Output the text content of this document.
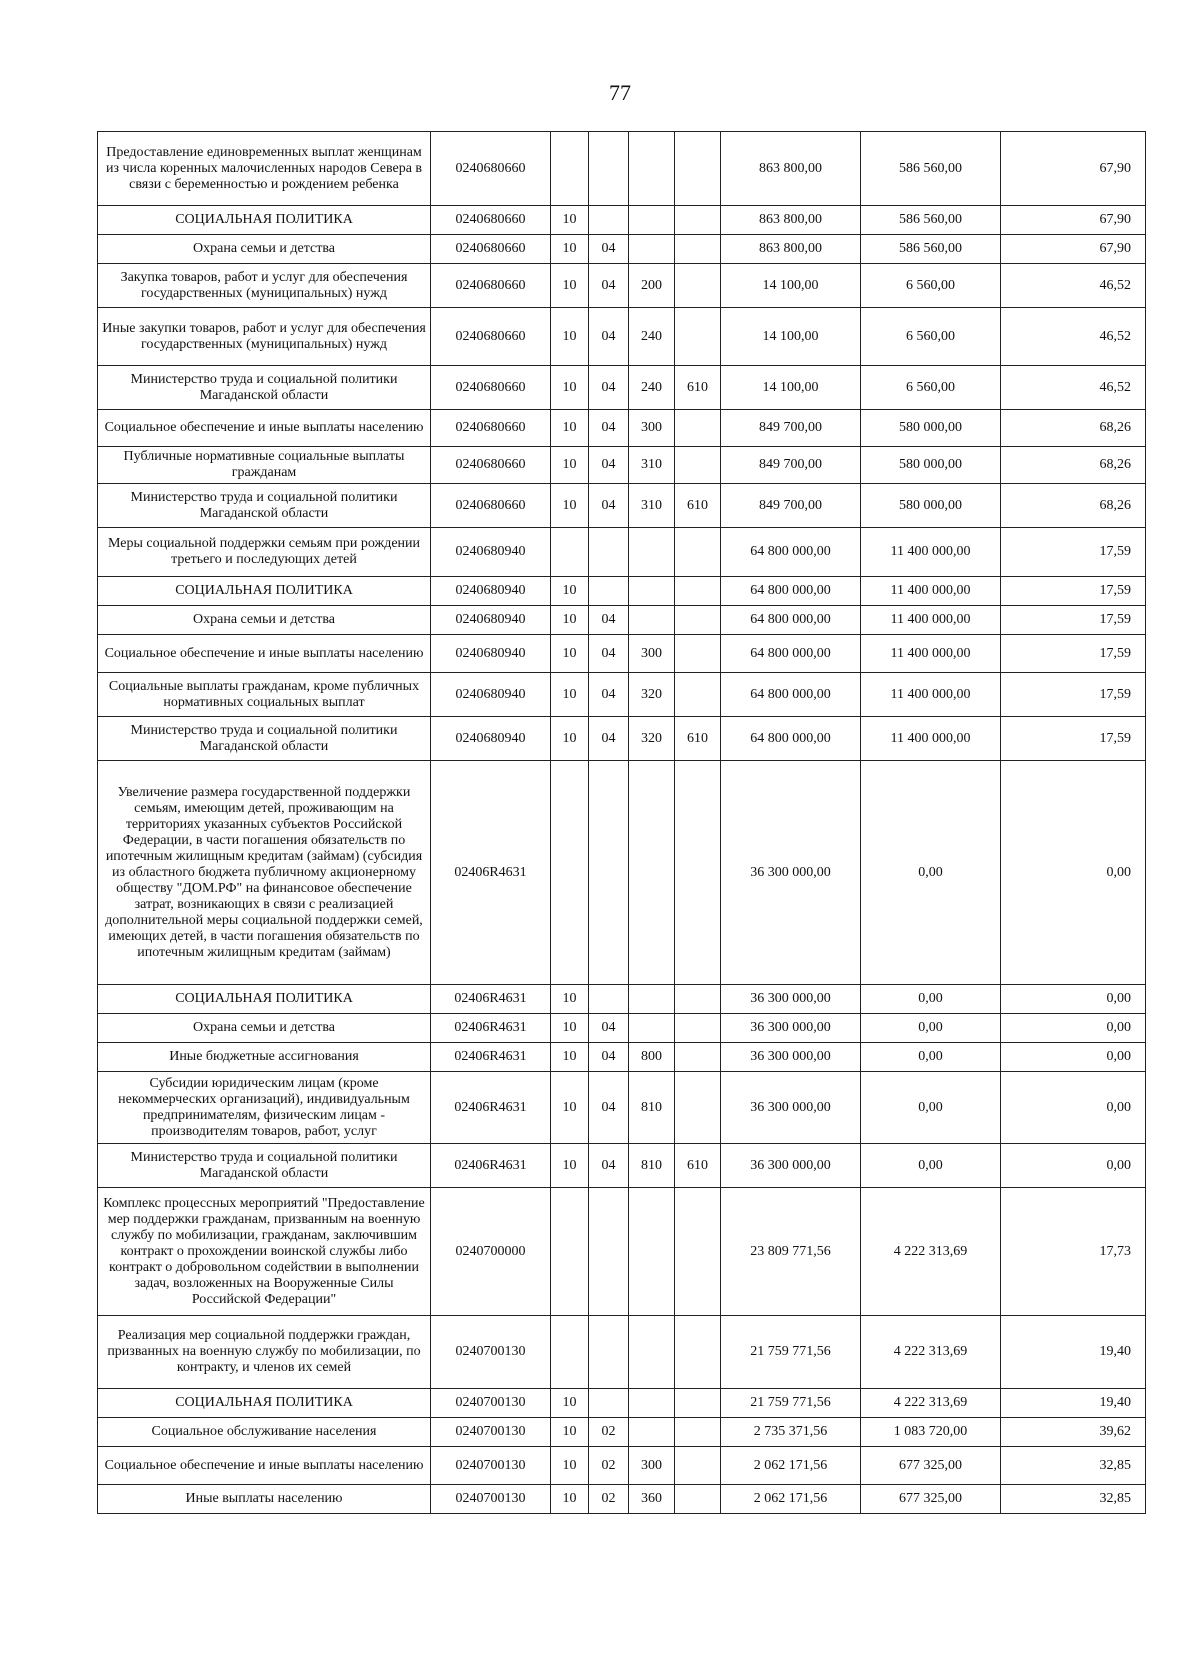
77
Предоставление единовременных выплат женщинам из числа коренных малочисленных народов Севера в связи с беременностью и рождением ребенка	0240680660					863 800,00	586 560,00	67,90
СОЦИАЛЬНАЯ ПОЛИТИКА	0240680660	10				863 800,00	586 560,00	67,90
Охрана семьи и детства	0240680660	10	04			863 800,00	586 560,00	67,90
Закупка товаров, работ и услуг для обеспечения государственных (муниципальных) нужд	0240680660	10	04	200		14 100,00	6 560,00	46,52
Иные закупки товаров, работ и услуг для обеспечения государственных (муниципальных) нужд	0240680660	10	04	240		14 100,00	6 560,00	46,52
Министерство труда и социальной политики Магаданской области	0240680660	10	04	240	610	14 100,00	6 560,00	46,52
Социальное обеспечение и иные выплаты населению	0240680660	10	04	300		849 700,00	580 000,00	68,26
Публичные нормативные социальные выплаты гражданам	0240680660	10	04	310		849 700,00	580 000,00	68,26
Министерство труда и социальной политики Магаданской области	0240680660	10	04	310	610	849 700,00	580 000,00	68,26
Меры социальной поддержки семьям при рождении третьего и последующих детей	0240680940					64 800 000,00	11 400 000,00	17,59
СОЦИАЛЬНАЯ ПОЛИТИКА	0240680940	10				64 800 000,00	11 400 000,00	17,59
Охрана семьи и детства	0240680940	10	04			64 800 000,00	11 400 000,00	17,59
Социальное обеспечение и иные выплаты населению	0240680940	10	04	300		64 800 000,00	11 400 000,00	17,59
Социальные выплаты гражданам, кроме публичных нормативных социальных выплат	0240680940	10	04	320		64 800 000,00	11 400 000,00	17,59
Министерство труда и социальной политики Магаданской области	0240680940	10	04	320	610	64 800 000,00	11 400 000,00	17,59
Увеличение размера государственной поддержки семьям, имеющим детей, проживающим на территориях указанных субъектов Российской Федерации, в части погашения обязательств по ипотечным жилищным кредитам (займам) (субсидия из областного бюджета публичному акционерному обществу "ДОМ.РФ" на финансовое обеспечение затрат, возникающих в связи с реализацией дополнительной меры социальной поддержки семей, имеющих детей, в части погашения обязательств по ипотечным жилищным кредитам (займам)	02406R4631					36 300 000,00	0,00	0,00
СОЦИАЛЬНАЯ ПОЛИТИКА	02406R4631	10				36 300 000,00	0,00	0,00
Охрана семьи и детства	02406R4631	10	04			36 300 000,00	0,00	0,00
Иные бюджетные ассигнования	02406R4631	10	04	800		36 300 000,00	0,00	0,00
Субсидии юридическим лицам (кроме некоммерческих организаций), индивидуальным предпринимателям, физическим лицам - производителям товаров, работ, услуг	02406R4631	10	04	810		36 300 000,00	0,00	0,00
Министерство труда и социальной политики Магаданской области	02406R4631	10	04	810	610	36 300 000,00	0,00	0,00
Комплекс процессных мероприятий "Предоставление мер поддержки гражданам, призванным на военную службу по мобилизации, гражданам, заключившим контракт о прохождении воинской службы либо контракт о добровольном содействии в выполнении задач, возложенных на Вооруженные Силы Российской Федерации"	0240700000					23 809 771,56	4 222 313,69	17,73
Реализация мер социальной поддержки граждан, призванных на военную службу по мобилизации, по контракту, и членов их семей	0240700130					21 759 771,56	4 222 313,69	19,40
СОЦИАЛЬНАЯ ПОЛИТИКА	0240700130	10				21 759 771,56	4 222 313,69	19,40
Социальное обслуживание населения	0240700130	10	02			2 735 371,56	1 083 720,00	39,62
Социальное обеспечение и иные выплаты населению	0240700130	10	02	300		2 062 171,56	677 325,00	32,85
Иные выплаты населению	0240700130	10	02	360		2 062 171,56	677 325,00	32,85
